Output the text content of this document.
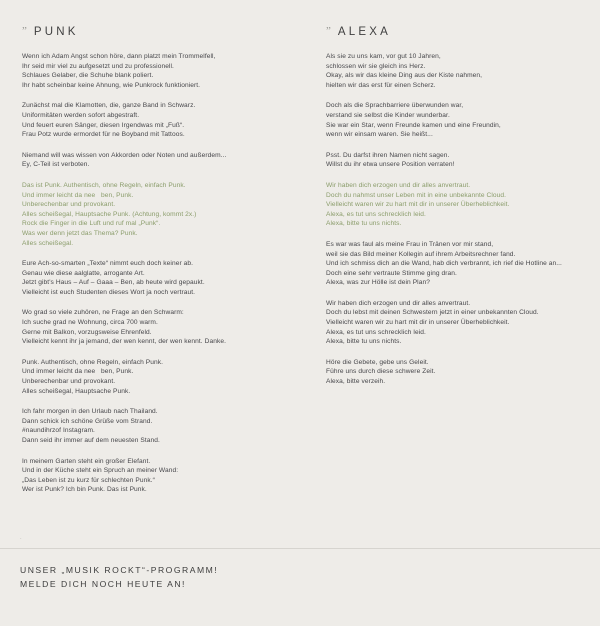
” PUNK
Wenn ich Adam Angst schon höre, dann platzt mein Trommelfell,
Ihr seid mir viel zu aufgesetzt und zu professionell.
Schlaues Gelaber, die Schuhe blank poliert.
Ihr habt scheinbar keine Ahnung, wie Punkrock funktioniert.
Zunächst mal die Klamotten, die, ganze Band in Schwarz.
Uniformitäten werden sofort abgestraft.
Und feuert euren Sänger, diesen Irgendwas mit „Fuß“.
Frau Potz wurde ermordet für ne Boyband mit Tattoos.
Niemand will was wissen von Akkorden oder Noten und außerdem...
Ey, C-Teil ist verboten.
Das ist Punk. Authentisch, ohne Regeln, einfach Punk.
Und immer leicht da nee   ben, Punk.
Unberechenbar und provokant.
Alles scheißegal, Hauptsache Punk. (Achtung, kommt 2x.)
Rock die Finger in die Luft und ruf mal „Punk“.
Was wer denn jetzt das Thema? Punk.
Alles scheißegal.
Eure Ach-so-smarten „Texte“ nimmt euch doch keiner ab.
Genau wie diese aalglatte, arrogante Art.
Jetzt gibt's Haus – Auf – Gaaa – Ben, ab heute wird gepaukt.
Vielleicht ist euch Studenten dieses Wort ja noch vertraut.
Wo grad so viele zuhören, ne Frage an den Schwarm:
Ich suche grad ne Wohnung, circa 700 warm.
Gerne mit Balkon, vorzugsweise Ehrenfeld.
Vielleicht kennt ihr ja jemand, der wen kennt, der wen kennt. Danke.
Punk. Authentisch, ohne Regeln, einfach Punk.
Und immer leicht da nee   ben, Punk.
Unberechenbar und provokant.
Alles scheißegal, Hauptsache Punk.
Ich fahr morgen in den Urlaub nach Thailand.
Dann schick ich schöne Grüße vom Strand.
#naundihrzof Instagram.
Dann seid ihr immer auf dem neuesten Stand.
In meinem Garten steht ein großer Elefant.
Und in der Küche steht ein Spruch an meiner Wand:
„Das Leben ist zu kurz für schlechten Punk.“
Wer ist Punk? Ich bin Punk. Das ist Punk.
” ALEXA
Als sie zu uns kam, vor gut 10 Jahren,
schlossen wir sie gleich ins Herz.
Okay, als wir das kleine Ding aus der Kiste nahmen,
hielten wir das erst für einen Scherz.
Doch als die Sprachbarriere überwunden war,
verstand sie selbst die Kinder wunderbar.
Sie war ein Star, wenn Freunde kamen und eine Freundin,
wenn wir einsam waren. Sie heißt...
Psst. Du darfst ihren Namen nicht sagen.
Willst du ihr etwa unsere Position verraten!
Wir haben dich erzogen und dir alles anvertraut.
Doch du nahmst unser Leben mit in eine unbekannte Cloud.
Vielleicht waren wir zu hart mit dir in unserer Überheblichkeit.
Alexa, es tut uns schrecklich leid.
Alexa, bitte tu uns nichts.
Es war was faul als meine Frau in Tränen vor mir stand,
weil sie das Bild meiner Kollegin auf ihrem Arbeitsrechner fand.
Und ich schmiss dich an die Wand, hab dich verbrannt, ich rief die Hotline an...
Doch eine sehr vertraute Stimme ging dran.
Alexa, was zur Hölle ist dein Plan?
Wir haben dich erzogen und dir alles anvertraut.
Doch du lebst mit deinen Schwestern jetzt in einer unbekannten Cloud.
Vielleicht waren wir zu hart mit dir in unserer Überheblichkeit.
Alexa, es tut uns schrecklich leid.
Alexa, bitte tu uns nichts.
Höre die Gebete, gebe uns Geleit.
Führe uns durch diese schwere Zeit.
Alexa, bitte verzeih.
·
UNSER „MUSIK ROCKT“-PROGRAMM!
MELDE DICH NOCH HEUTE AN!
